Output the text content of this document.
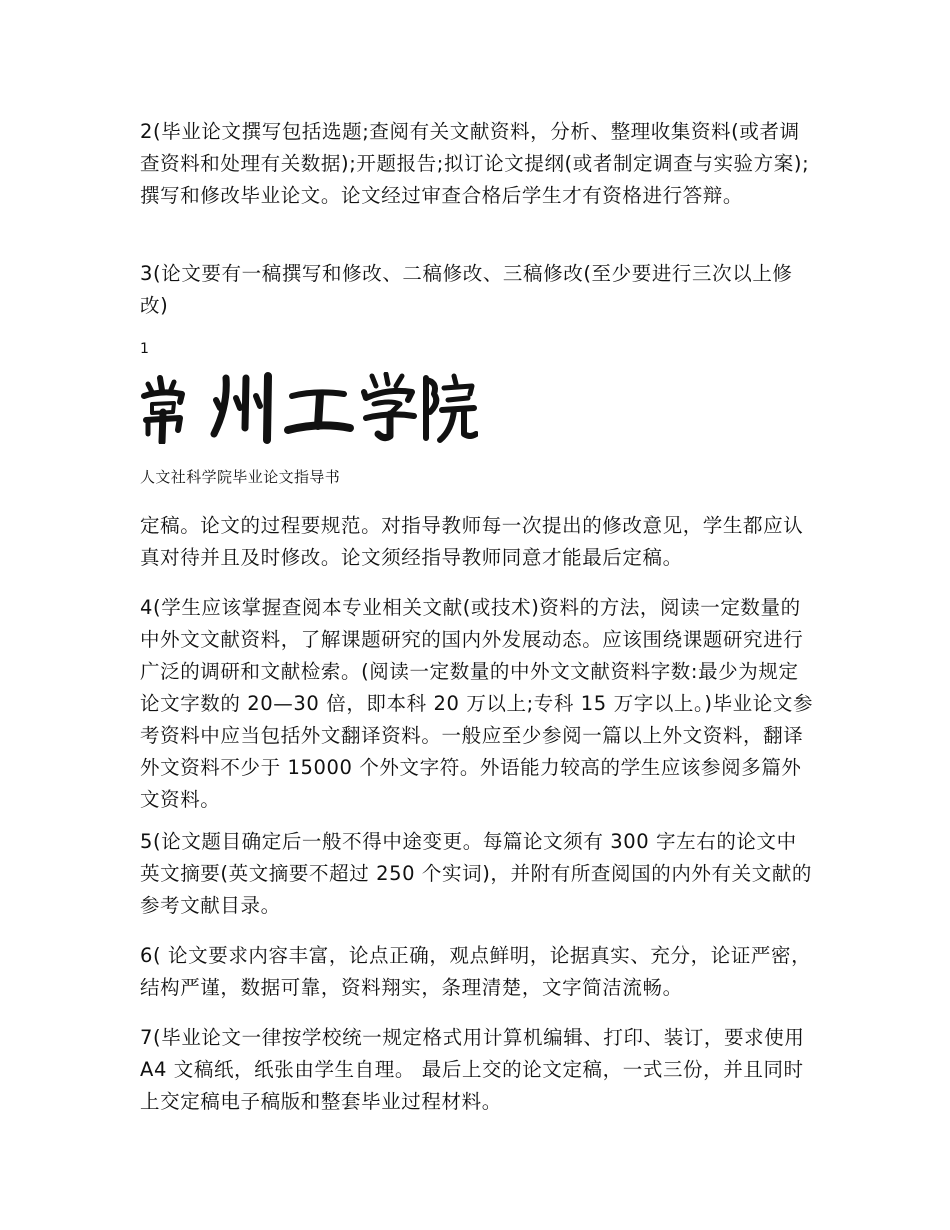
2(毕业论文撰写包括选题;查阅有关文献资料，分析、整理收集资料(或者调查资料和处理有关数据);开题报告;拟订论文提纲(或者制定调查与实验方案);撰写和修改毕业论文。论文经过审查合格后学生才有资格进行答辩。

3(论文要有一稿撰写和修改、二稿修改、三稿修改(至少要进行三次以上修改)

1
人文社科学院毕业论文指导书

定稿。论文的过程要规范。对指导教师每一次提出的修改意见，学生都应认真对待并且及时修改。论文须经指导教师同意才能最后定稿。

4(学生应该掌握查阅本专业相关文献(或技术)资料的方法，阅读一定数量的中外文文献资料，了解课题研究的国内外发展动态。应该围绕课题研究进行广泛的调研和文献检索。(阅读一定数量的中外文文献资料字数:最少为规定论文字数的 20—30 倍，即本科 20 万以上;专科 15 万字以上。)毕业论文参考资料中应当包括外文翻译资料。一般应至少参阅一篇以上外文资料，翻译外文资料不少于 15000 个外文字符。外语能力较高的学生应该参阅多篇外文资料。

5(论文题目确定后一般不得中途变更。每篇论文须有 300 字左右的论文中英文摘要(英文摘要不超过 250 个实词)，并附有所查阅国的内外有关文献的参考文献目录。

6( 论文要求内容丰富，论点正确，观点鲜明，论据真实、充分，论证严密，结构严谨，数据可靠，资料翔实，条理清楚，文字简洁流畅。

7(毕业论文一律按学校统一规定格式用计算机编辑、打印、装订，要求使用 A4 文稿纸，纸张由学生自理。 最后上交的论文定稿，一式三份，并且同时上交定稿电子稿版和整套毕业过程材料。
